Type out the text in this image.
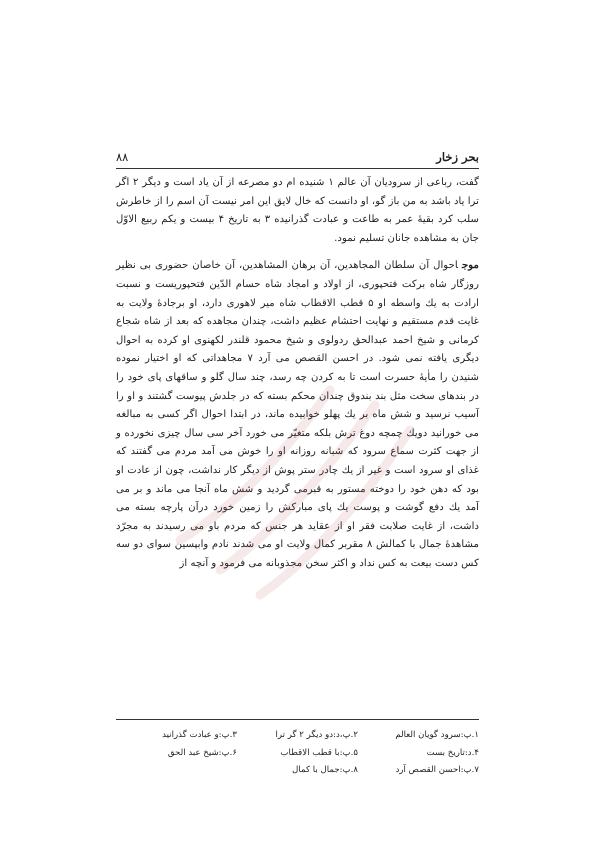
بحر زخار
۸۸

گفت، رباعی از سرودیان آن عالم ۱ شنیده ام دو مصرعه از آن یاد است و دیگر ۲ اگر ترا یاد باشد به من باز گو، او دانست که خال لایق این امر نیست آن اسم را از خاطرش سلب کرد بقیهٔ عمر به طاعت و عبادت گذرانیده ۳ به تاریخ ۴ بیست و یکم ربیع الاوّل جان به مشاهده جانان تسلیم نمود.

موجاحوال آن سلطان المجاهدین، آن برهان المشاهدین، آن خاصان حضوری بی نظیر روزگار شاه برکت فتحپوری، از اولاد و امجاد شاه حسام الدّین فتحپوریست و نسبت ارادت به یك واسطه او ۵ قطب الاقطاب شاه میر لاهوری دارد، او برجادهٔ ولایت به غایت قدم مستقیم و نهایت احتشام عظیم داشت، چندان مجاهده که بعد از شاه شجاع کرمانی و شیخ احمد عبدالحق ردولوی و شیخ محمود قلندر لکهنوی او کرده به احوال دیگری یافته نمی شود. در احسن القصص می آرد ۷ مجاهداتی که او اختیار نموده شنیدن را ماٰیهٔ حسرت است تا به کردن چه رسد، چند سال گلو و ساقهای پای خود را در بندهای سخت مثل بند بندوق چندان محکم بسته که در جلدش پیوست گشتند و او را آسیب نرسید و شش ماه بر یك پهلو خوابیده ماند، در ابتدا احوال اگر کسی به مبالغه می خورانید دویك چمچه دوغ ترش بلکه متغیّر می خورد آخر سی سال چیزی نخورده و از جهت کثرت سماع سرود که شبانه روزانه او را خوش می آمد مردم می گفتند که غذای او سرود است و غیر از یك چادر ستر پوش از دیگر کار نداشت، چون از عادت او بود که دهن خود را دوخته مستور به قبرمی گردید و شش ماه آنجا می ماند و بر می آمد یك دفع گوشت و پوست یك پای مبارکش را زمین خورد درآن پارچه بسته می داشت، از غایت صلابت فقر او از عقاید هر جنس که مردم باو می رسیدند به مجرّد مشاهدهٔ جمال با کمالش ۸ مقربر کمال ولایت او می شدند نادم وابپسین سوای دو سه کس دست بیعت به کس نداد و اکثر سخن مجذوبانه می فرمود و آنچه از

۱.پ:سرود گویان العالم
۲.پ،د:دو دیگر ۲ گر ترا
۳.پ:و عبادت گذرانید
۴.د:تاریخ بست
۵.پ:با قطب الاقطاب
۶.پ:شیخ عبد الحق
۷.پ:احسن القصص آرد
۸.پ:جمال با کمال
